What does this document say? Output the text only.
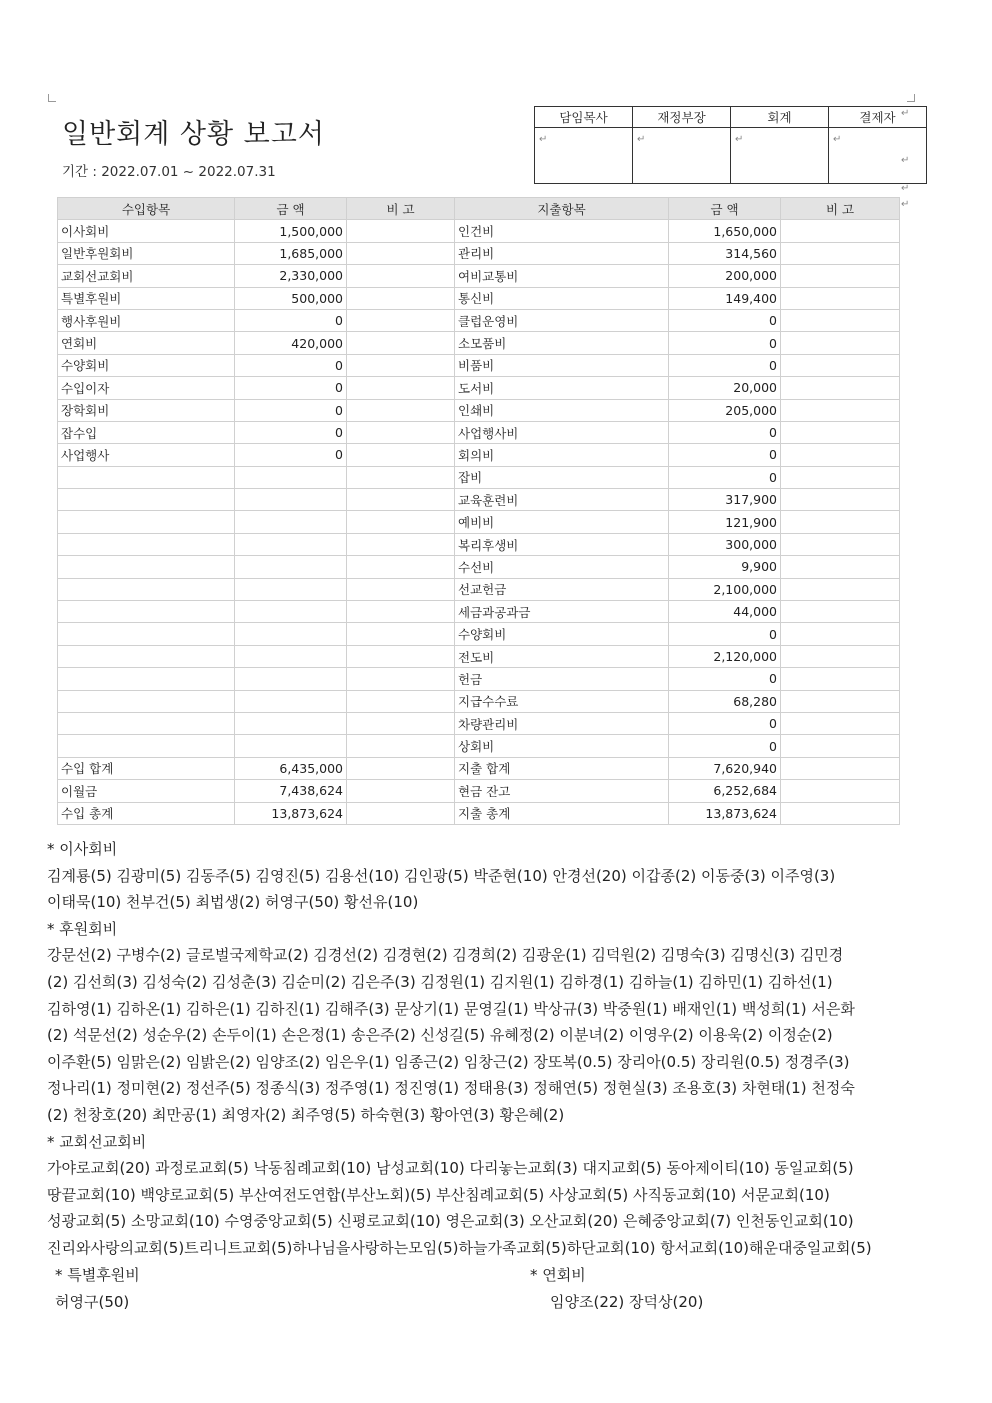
일반회계 상황 보고서
기간 : 2022.07.01 ~ 2022.07.31
담임목사	재정부장	회계	결제자
↵	↵	↵	↵
↵
↵
↵
↵
수입항목	금 액	비 고	지출항목	금 액	비 고
이사회비	1,500,000		인건비	1,650,000	
일반후원회비	1,685,000		관리비	314,560	
교회선교회비	2,330,000		여비교통비	200,000	
특별후원비	500,000		통신비	149,400	
행사후원비	0		클럽운영비	0	
연회비	420,000		소모품비	0	
수양회비	0		비품비	0	
수입이자	0		도서비	20,000	
장학회비	0		인쇄비	205,000	
잡수입	0		사업행사비	0	
사업행사	0		회의비	0	
			잡비	0	
			교육훈련비	317,900	
			예비비	121,900	
			복리후생비	300,000	
			수선비	9,900	
			선교헌금	2,100,000	
			세금과공과금	44,000	
			수양회비	0	
			전도비	2,120,000	
			헌금	0	
			지급수수료	68,280	
			차량관리비	0	
			상회비	0	
수입 합계	6,435,000		지출 합계	7,620,940	
이월금	7,438,624		현금 잔고	6,252,684	
수입 총계	13,873,624		지출 총계	13,873,624	
* 이사회비
김계룡(5) 김광미(5) 김동주(5) 김영진(5) 김용선(10) 김인광(5) 박준현(10) 안경선(20) 이갑종(2) 이동중(3) 이주영(3)
이태묵(10) 천부건(5) 최법생(2) 허영구(50) 황선유(10)
* 후원회비
강문선(2) 구병수(2) 글로벌국제학교(2) 김경선(2) 김경현(2) 김경희(2) 김광운(1) 김덕원(2) 김명숙(3) 김명신(3) 김민경
(2) 김선희(3) 김성숙(2) 김성춘(3) 김순미(2) 김은주(3) 김정원(1) 김지원(1) 김하경(1) 김하늘(1) 김하민(1) 김하선(1)
김하영(1) 김하온(1) 김하은(1) 김하진(1) 김해주(3) 문상기(1) 문영길(1) 박상규(3) 박중원(1) 배재인(1) 백성희(1) 서은화
(2) 석문선(2) 성순우(2) 손두이(1) 손은정(1) 송은주(2) 신성길(5) 유혜정(2) 이분녀(2) 이영우(2) 이용욱(2) 이정순(2)
이주환(5) 임맑은(2) 임밝은(2) 임양조(2) 임은우(1) 임종근(2) 임창근(2) 장또복(0.5) 장리아(0.5) 장리원(0.5) 정경주(3)
정나리(1) 정미현(2) 정선주(5) 정종식(3) 정주영(1) 정진영(1) 정태용(3) 정해연(5) 정현실(3) 조용호(3) 차현태(1) 천정숙
(2) 천창호(20) 최만공(1) 최영자(2) 최주영(5) 하숙현(3) 황아연(3) 황은혜(2)
* 교회선교회비
가야로교회(20) 과정로교회(5) 낙동침례교회(10) 남성교회(10) 다리놓는교회(3) 대지교회(5) 동아제이티(10) 동일교회(5)
땅끝교회(10) 백양로교회(5) 부산여전도연합(부산노회)(5) 부산침례교회(5) 사상교회(5) 사직동교회(10) 서문교회(10)
성광교회(5) 소망교회(10) 수영중앙교회(5) 신평로교회(10) 영은교회(3) 오산교회(20) 은혜중앙교회(7) 인천동인교회(10)
진리와사랑의교회(5)트리니트교회(5)하나님을사랑하는모임(5)하늘가족교회(5)하단교회(10) 항서교회(10)해운대중일교회(5)
* 특별후원비
허영구(50)
* 연회비
임양조(22) 장덕상(20)
